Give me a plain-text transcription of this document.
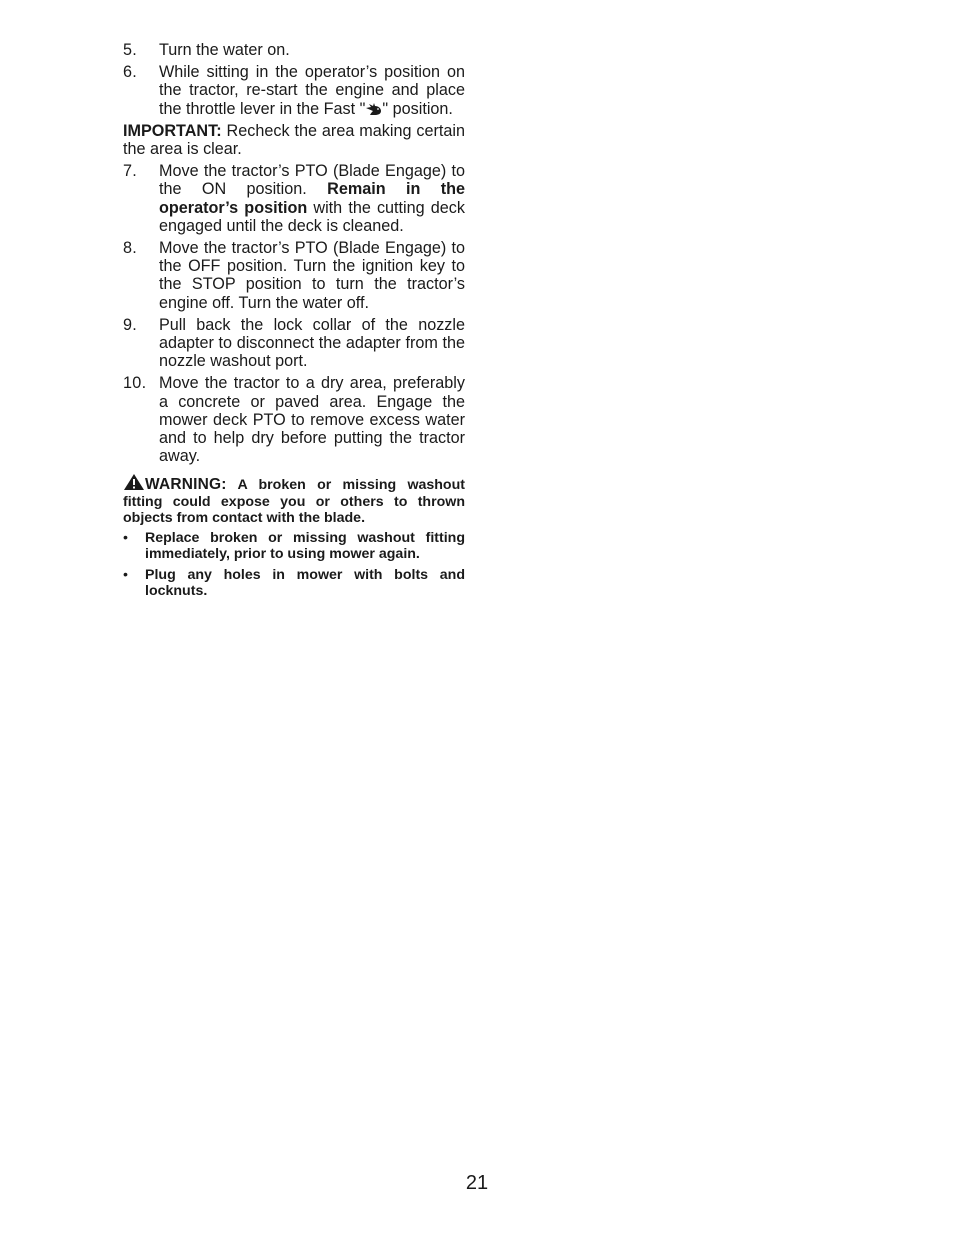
5.	Turn the water on.
6.	While sitting in the operator’s position on the tractor, re-start the engine and place the throttle lever in the Fast " " position.
IMPORTANT: Recheck the area making certain the area is clear.
7.	Move the tractor’s PTO (Blade Engage) to the ON position. Remain in the operator’s position with the cutting deck engaged until the deck is cleaned.
8.	Move the tractor’s PTO (Blade Engage) to the OFF position. Turn the ignition key to the STOP position to turn the tractor’s engine off. Turn the water off.
9.	Pull back the lock collar of the nozzle adapter to disconnect the adapter from the nozzle washout port.
10. Move the tractor to a dry area, preferably a concrete or paved area. Engage the mower deck PTO to remove excess water and to help dry before putting the tractor away.
WARNING: A broken or missing washout fitting could expose you or others to thrown objects from contact with the blade.
•	Replace broken or missing washout fitting immediately, prior to using mower again.
•	Plug any holes in mower with bolts and locknuts.
21
